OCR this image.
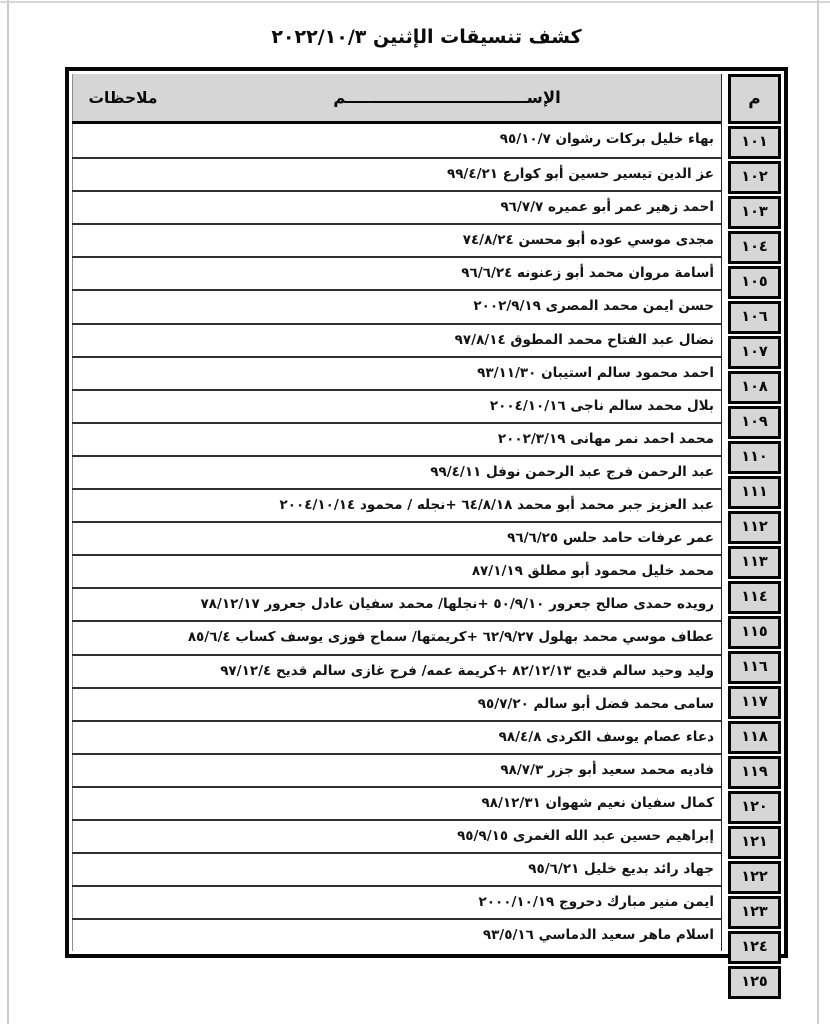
كشف تنسيقات الإثنين ٢٠٢٢/١٠/٣
م
١٠١
١٠٢
١٠٣
١٠٤
١٠٥
١٠٦
١٠٧
١٠٨
١٠٩
١١٠
١١١
١١٢
١١٣
١١٤
١١٥
١١٦
١١٧
١١٨
١١٩
١٢٠
١٢١
١٢٢
١٢٣
١٢٤
١٢٥
الإســــــــــــــــــــــــــــــــم
ملاحظات
بهاء خليل بركات رشوان ٩٥/١٠/٧
عز الدين تيسير حسين أبو كوارع ٩٩/٤/٢١
احمد زهير عمر أبو عميره ٩٦/٧/٧
مجدى موسي عوده أبو محسن ٧٤/٨/٢٤
أسامة مروان محمد أبو زعنونه ٩٦/٦/٢٤
حسن ايمن محمد المصرى ٢٠٠٢/٩/١٩
نضال عبد الفتاح محمد المطوق ٩٧/٨/١٤
احمد محمود سالم استيبان ٩٣/١١/٣٠
بلال محمد سالم ناجى ٢٠٠٤/١٠/١٦
محمد احمد نمر مهانى ٢٠٠٢/٣/١٩
عبد الرحمن فرج عبد الرحمن نوفل ٩٩/٤/١١
عبد العزيز جبر محمد أبو محمد ٦٤/٨/١٨ +نجله / محمود ٢٠٠٤/١٠/١٤
عمر عرفات حامد حلس ٩٦/٦/٢٥
محمد خليل محمود أبو مطلق ٨٧/١/١٩
رويده حمدى صالح جعرور ٥٠/٩/١٠ +نجلها/ محمد سفيان عادل جعرور ٧٨/١٢/١٧
عطاف موسي محمد بهلول ٦٢/٩/٢٧ +كريمتها/ سماح فوزى يوسف كساب ٨٥/٦/٤
وليد وحيد سالم قديح ٨٢/١٢/١٣ +كريمة عمه/ فرح غازى سالم قديح ٩٧/١٢/٤
سامى محمد فضل أبو سالم ٩٥/٧/٢٠
دعاء عصام يوسف الكردى ٩٨/٤/٨
فاديه محمد سعيد أبو جزر ٩٨/٧/٣
كمال سفيان نعيم شهوان ٩٨/١٢/٣١
إبراهيم حسين عبد الله الغمرى ٩٥/٩/١٥
جهاد رائد بديع خليل ٩٥/٦/٢١
ايمن منير مبارك دحروج ٢٠٠٠/١٠/١٩
اسلام ماهر سعيد الدماسي ٩٣/٥/١٦
